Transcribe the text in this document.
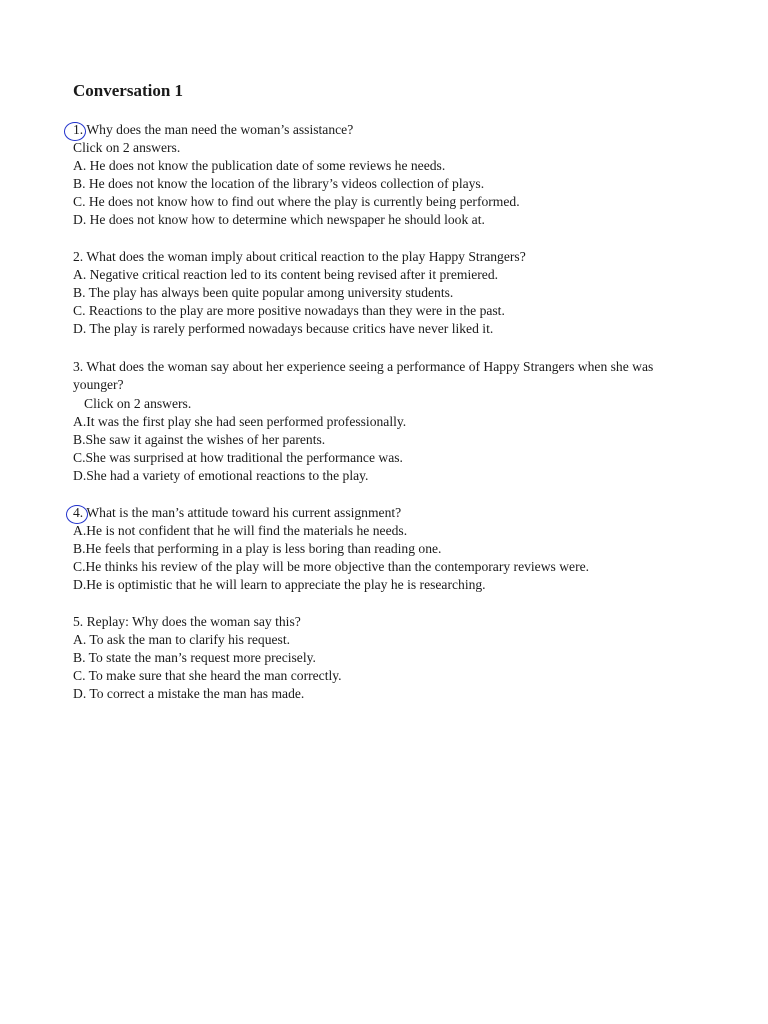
Conversation 1
1. Why does the man need the woman’s assistance?
Click on 2 answers.
A. He does not know the publication date of some reviews he needs.
B. He does not know the location of the library’s videos collection of plays.
C. He does not know how to find out where the play is currently being performed.
D. He does not know how to determine which newspaper he should look at.
2. What does the woman imply about critical reaction to the play Happy Strangers?
A. Negative critical reaction led to its content being revised after it premiered.
B. The play has always been quite popular among university students.
C. Reactions to the play are more positive nowadays than they were in the past.
D. The play is rarely performed nowadays because critics have never liked it.
3. What does the woman say about her experience seeing a performance of Happy Strangers when she was younger?
Click on 2 answers.
A.It was the first play she had seen performed professionally.
B.She saw it against the wishes of her parents.
C.She was surprised at how traditional the performance was.
D.She had a variety of emotional reactions to the play.
4. What is the man’s attitude toward his current assignment?
A.He is not confident that he will find the materials he needs.
B.He feels that performing in a play is less boring than reading one.
C.He thinks his review of the play will be more objective than the contemporary reviews were.
D.He is optimistic that he will learn to appreciate the play he is researching.
5. Replay: Why does the woman say this?
A. To ask the man to clarify his request.
B. To state the man’s request more precisely.
C. To make sure that she heard the man correctly.
D. To correct a mistake the man has made.
